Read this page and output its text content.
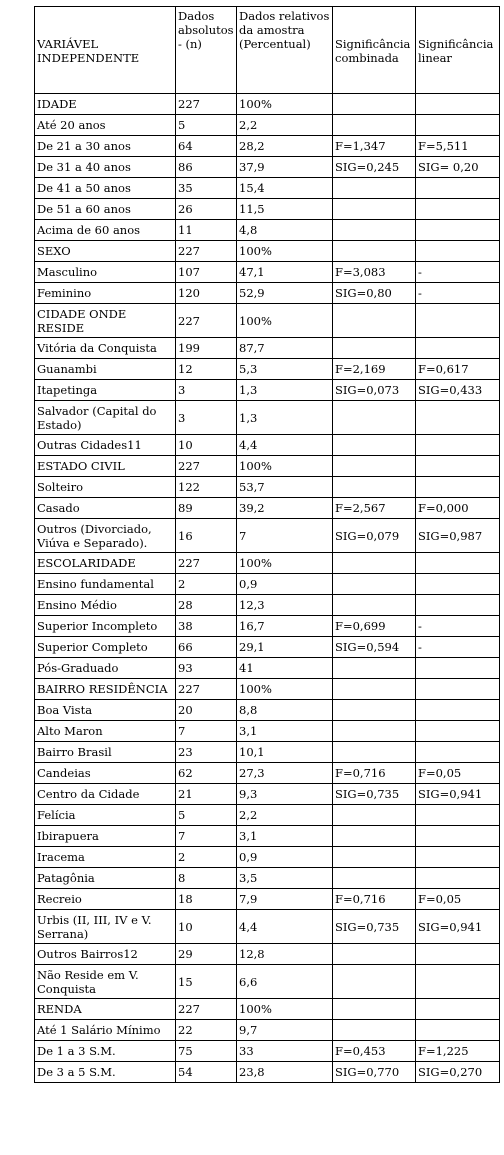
VARIÁVEL INDEPENDENTE	Dados absolutos - (n)	Dados relativos da amostra (Percentual)	Significância combinada	Significância linear
IDADE	227	100%		
Até 20 anos	5	2,2		
De 21 a 30 anos	64	28,2	F=1,347	F=5,511
De 31 a 40 anos	86	37,9	SIG=0,245	SIG= 0,20
De 41 a 50 anos	35	15,4		
De 51 a 60 anos	26	11,5		
Acima de 60 anos	11	4,8		
SEXO	227	100%		
Masculino	107	47,1	F=3,083	-
Feminino	120	52,9	SIG=0,80	-
CIDADE ONDE RESIDE	227	100%		
Vitória da Conquista	199	87,7		
Guanambi	12	5,3	F=2,169	F=0,617
Itapetinga	3	1,3	SIG=0,073	SIG=0,433
Salvador (Capital do Estado)	3	1,3		
Outras Cidades11	10	4,4		
ESTADO CIVIL	227	100%		
Solteiro	122	53,7		
Casado	89	39,2	F=2,567	F=0,000
Outros (Divorciado, Viúva e Separado).	16	7	SIG=0,079	SIG=0,987
ESCOLARIDADE	227	100%		
Ensino fundamental	2	0,9		
Ensino Médio	28	12,3		
Superior Incompleto	38	16,7	F=0,699	-
Superior Completo	66	29,1	SIG=0,594	-
Pós-Graduado	93	41		
BAIRRO RESIDÊNCIA	227	100%		
Boa Vista	20	8,8		
Alto Maron	7	3,1		
Bairro Brasil	23	10,1		
Candeias	62	27,3	F=0,716	F=0,05
Centro da Cidade	21	9,3	SIG=0,735	SIG=0,941
Felícia	5	2,2		
Ibirapuera	7	3,1		
Iracema	2	0,9		
Patagônia	8	3,5		
Recreio	18	7,9	F=0,716	F=0,05
Urbis (II, III, IV e V. Serrana)	10	4,4	SIG=0,735	SIG=0,941
Outros Bairros12	29	12,8		
Não Reside em V. Conquista	15	6,6		
RENDA	227	100%		
Até 1 Salário Mínimo	22	9,7		
De 1 a 3 S.M.	75	33	F=0,453	F=1,225
De 3 a 5 S.M.	54	23,8	SIG=0,770	SIG=0,270
